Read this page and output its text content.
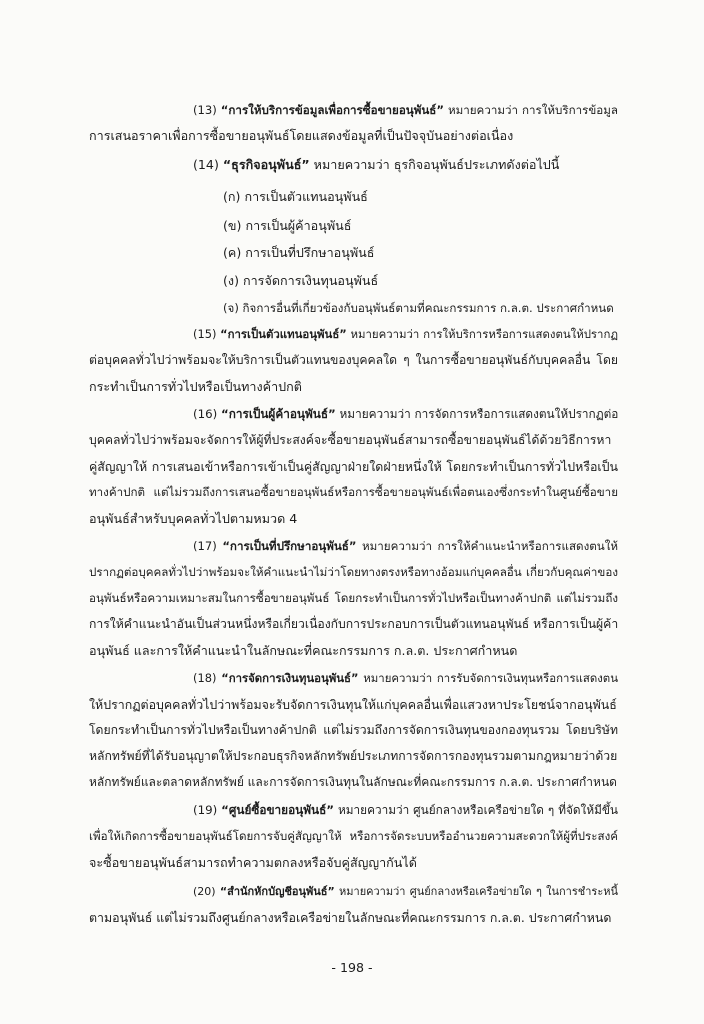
(13) “การให้บริการข้อมูลเพื่อการซื้อขายอนุพันธ์” หมายความว่า การให้บริการข้อมูล
การเสนอราคาเพื่อการซื้อขายอนุพันธ์โดยแสดงข้อมูลที่เป็นปัจจุบันอย่างต่อเนื่อง
(14) “ธุรกิจอนุพันธ์” หมายความว่า ธุรกิจอนุพันธ์ประเภทดังต่อไปนี้
(ก) การเป็นตัวแทนอนุพันธ์
(ข) การเป็นผู้ค้าอนุพันธ์
(ค) การเป็นที่ปรึกษาอนุพันธ์
(ง) การจัดการเงินทุนอนุพันธ์
(จ) กิจการอื่นที่เกี่ยวข้องกับอนุพันธ์ตามที่คณะกรรมการ ก.ล.ต. ประกาศกำหนด
(15) “การเป็นตัวแทนอนุพันธ์” หมายความว่า การให้บริการหรือการแสดงตนให้ปรากฏ
ต่อบุคคลทั่วไปว่าพร้อมจะให้บริการเป็นตัวแทนของบุคคลใด ๆ ในการซื้อขายอนุพันธ์กับบุคคลอื่น โดย
กระทำเป็นการทั่วไปหรือเป็นทางค้าปกติ
(16) “การเป็นผู้ค้าอนุพันธ์” หมายความว่า การจัดการหรือการแสดงตนให้ปรากฏต่อ
บุคคลทั่วไปว่าพร้อมจะจัดการให้ผู้ที่ประสงค์จะซื้อขายอนุพันธ์สามารถซื้อขายอนุพันธ์ได้ด้วยวิธีการหา
คู่สัญญาให้ การเสนอเข้าหรือการเข้าเป็นคู่สัญญาฝ่ายใดฝ่ายหนึ่งให้ โดยกระทำเป็นการทั่วไปหรือเป็น
ทางค้าปกติ แต่ไม่รวมถึงการเสนอซื้อขายอนุพันธ์หรือการซื้อขายอนุพันธ์เพื่อตนเองซึ่งกระทำในศูนย์ซื้อขาย
อนุพันธ์สำหรับบุคคลทั่วไปตามหมวด 4
(17) “การเป็นที่ปรึกษาอนุพันธ์” หมายความว่า การให้คำแนะนำหรือการแสดงตนให้
ปรากฏต่อบุคคลทั่วไปว่าพร้อมจะให้คำแนะนำไม่ว่าโดยทางตรงหรือทางอ้อมแก่บุคคลอื่น เกี่ยวกับคุณค่าของ
อนุพันธ์หรือความเหมาะสมในการซื้อขายอนุพันธ์ โดยกระทำเป็นการทั่วไปหรือเป็นทางค้าปกติ แต่ไม่รวมถึง
การให้คำแนะนำอันเป็นส่วนหนึ่งหรือเกี่ยวเนื่องกับการประกอบการเป็นตัวแทนอนุพันธ์ หรือการเป็นผู้ค้า
อนุพันธ์ และการให้คำแนะนำในลักษณะที่คณะกรรมการ ก.ล.ต. ประกาศกำหนด
(18) “การจัดการเงินทุนอนุพันธ์” หมายความว่า การรับจัดการเงินทุนหรือการแสดงตน
ให้ปรากฏต่อบุคคลทั่วไปว่าพร้อมจะรับจัดการเงินทุนให้แก่บุคคลอื่นเพื่อแสวงหาประโยชน์จากอนุพันธ์
โดยกระทำเป็นการทั่วไปหรือเป็นทางค้าปกติ แต่ไม่รวมถึงการจัดการเงินทุนของกองทุนรวม โดยบริษัท
หลักทรัพย์ที่ได้รับอนุญาตให้ประกอบธุรกิจหลักทรัพย์ประเภทการจัดการกองทุนรวมตามกฎหมายว่าด้วย
หลักทรัพย์และตลาดหลักทรัพย์ และการจัดการเงินทุนในลักษณะที่คณะกรรมการ ก.ล.ต. ประกาศกำหนด
(19) “ศูนย์ซื้อขายอนุพันธ์” หมายความว่า ศูนย์กลางหรือเครือข่ายใด ๆ ที่จัดให้มีขึ้น
เพื่อให้เกิดการซื้อขายอนุพันธ์โดยการจับคู่สัญญาให้ หรือการจัดระบบหรืออำนวยความสะดวกให้ผู้ที่ประสงค์
จะซื้อขายอนุพันธ์สามารถทำความตกลงหรือจับคู่สัญญากันได้
(20) “สำนักหักบัญชีอนุพันธ์” หมายความว่า ศูนย์กลางหรือเครือข่ายใด ๆ ในการชำระหนี้
ตามอนุพันธ์ แต่ไม่รวมถึงศูนย์กลางหรือเครือข่ายในลักษณะที่คณะกรรมการ ก.ล.ต. ประกาศกำหนด
- 198 -
